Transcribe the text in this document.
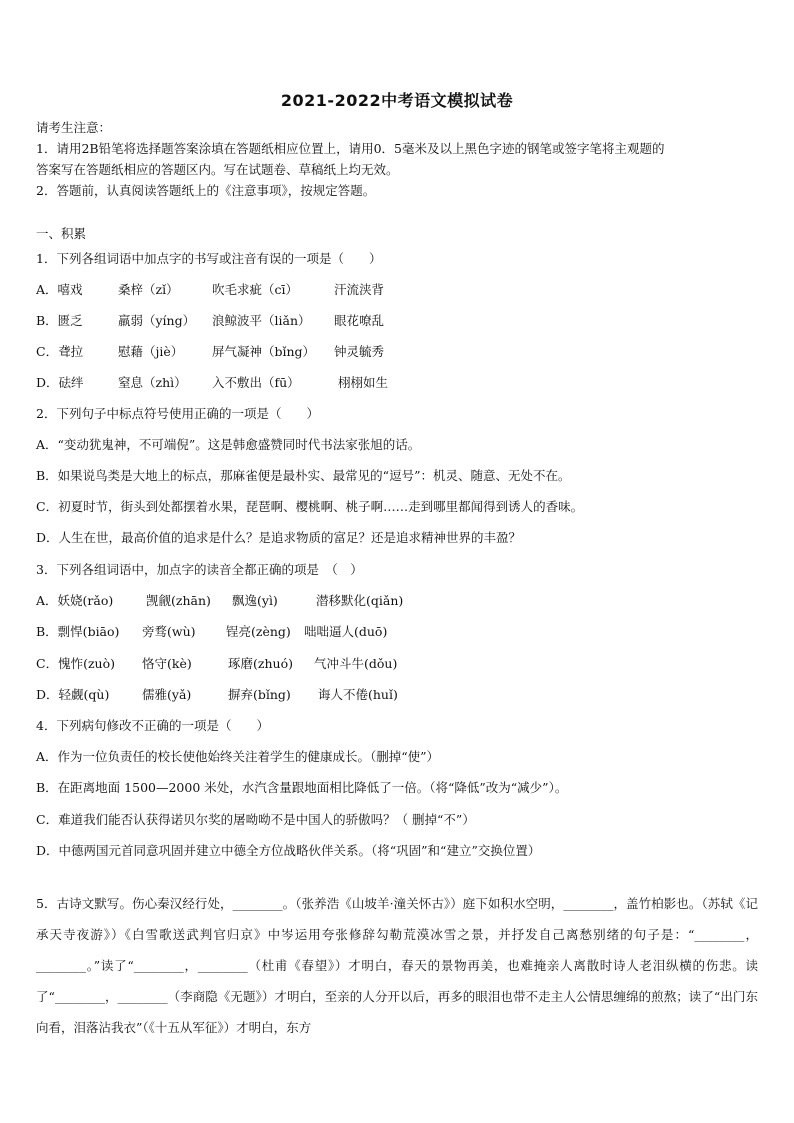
2021-2022中考语文模拟试卷
请考生注意：
1．请用2B铅笔将选择题答案涂填在答题纸相应位置上，请用0．5毫米及以上黑色字迹的钢笔或签字笔将主观题的
答案写在答题纸相应的答题区内。写在试题卷、草稿纸上均无效。
2．答题前，认真阅读答题纸上的《注意事项》，按规定答题。
一、积累
1．下列各组词语中加点字的书写或注音有误的一项是（　　）
A．嘻戏	桑梓（zǐ）	吹毛求疵（cī）	汗流浃背
B．匮乏	羸弱（yíng） 浪鲸波平（liǎn） 眼花嘹乱
C．聋拉	慰藉（jiè） 屏气凝神（bǐng） 钟灵毓秀
D．砝绊	窒息（zhì） 入不敷出（fū）	栩栩如生
2．下列句子中标点符号使用正确的一项是（　　）
A．“变动犹鬼神，不可端倪”。这是韩愈盛赞同时代书法家张旭的话。
B．如果说鸟类是大地上的标点，那麻雀便是最朴实、最常见的“逗号”：机灵、随意、无处不在。
C．初夏时节，街头到处都摆着水果，琵琶啊、樱桃啊、桃子啊……走到哪里都闻得到诱人的香味。
D．人生在世，最高价值的追求是什么？是追求物质的富足？还是追求精神世界的丰盈？
3．下列各组词语中，加点字的读音全都正确的项是　（　）
A．妖娆(rǎo)	觊觎(zhān) 飘逸(yì)	潜移默化(qiǎn)
B．剽悍(biāo) 旁骛(wù) 锃亮(zèng) 咄咄逼人(duō)
C．愧怍(zuò) 恪守(kè)	琢磨(zhuó) 气冲斗牛(dǒu)
D．轻觑(qù)	儒雅(yǎ)	摒弃(bǐng) 诲人不倦(huǐ)
4．下列病句修改不正确的一项是（　　）
A．作为一位负责任的校长使他始终关注着学生的健康成长。（删掉“使”）
B．在距离地面 1500—2000 米处，水汽含量跟地面相比降低了一倍。（将“降低”改为“减少”）。
C．难道我们能否认获得诺贝尔奖的屠呦呦不是中国人的骄傲吗？（ 删掉“不”）
D．中德两国元首同意巩固并建立中德全方位战略伙伴关系。（将“巩固”和“建立”交换位置）
5．古诗文默写。伤心秦汉经行处，________。（张养浩《山坡羊·潼关怀古》）庭下如积水空明，________，盖竹柏影也。（苏轼《记承天寺夜游》）《白雪歌送武判官归京》中岑运用夸张修辞勾勒荒漠冰雪之景，并抒发自己离愁别绪的句子是：“________，________。”读了“________，________（杜甫《春望》）才明白，春天的景物再美，也难掩亲人离散时诗人老泪纵横的伤悲。读了“________，________（李商隐《无题》）才明白，至亲的人分开以后，再多的眼泪也带不走主人公情思缠绵的煎熬；读了“出门东向看，泪落沾我衣”（《十五从军征》）才明白，东方
